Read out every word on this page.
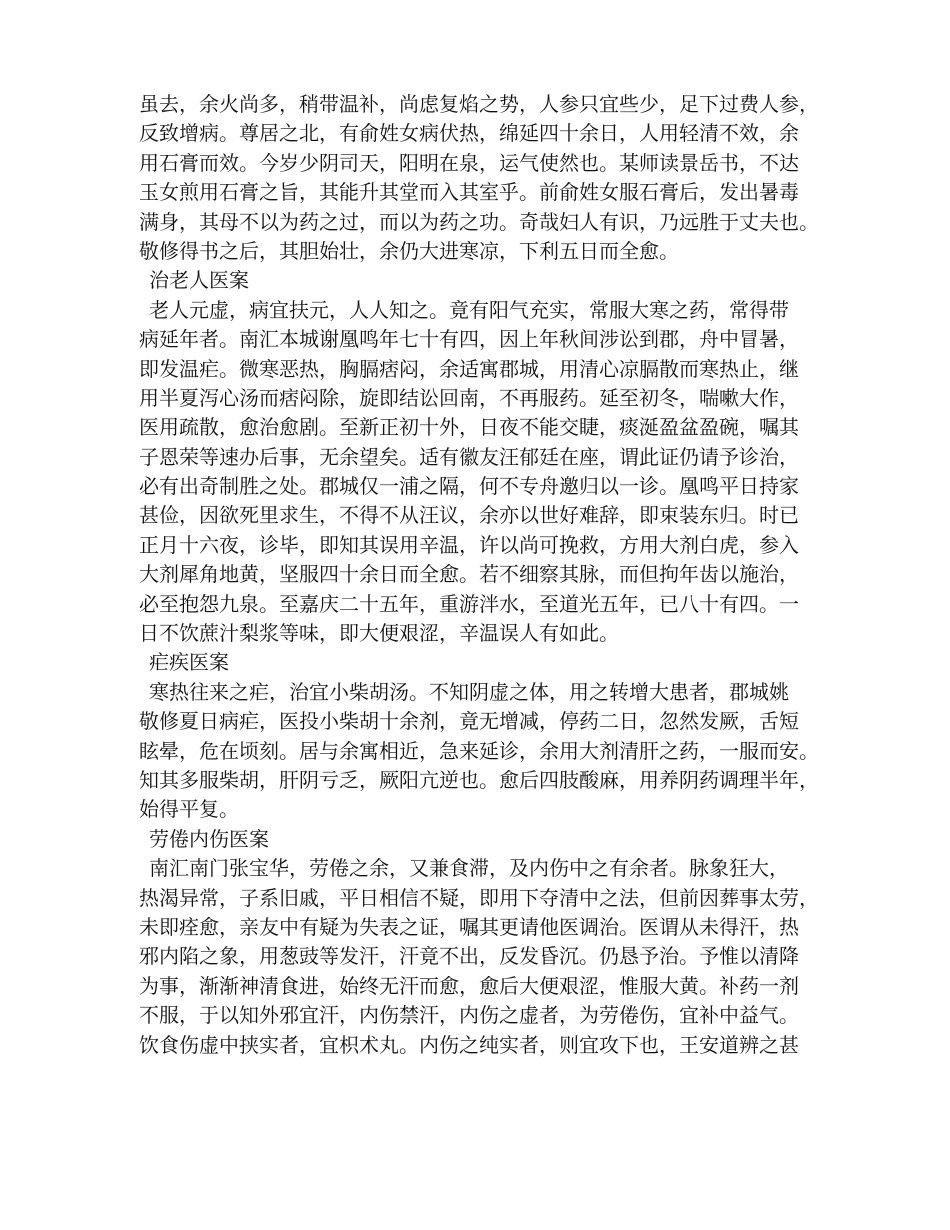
虽去，余火尚多，稍带温补，尚虑复焰之势，人参只宜些少，足下过费人参，
反致增病。尊居之北，有俞姓女病伏热，绵延四十余日，人用轻清不效，余
用石膏而效。今岁少阴司天，阳明在泉，运气使然也。某师读景岳书，不达
玉女煎用石膏之旨，其能升其堂而入其室乎。前俞姓女服石膏后，发出暑毒
满身，其母不以为药之过，而以为药之功。奇哉妇人有识，乃远胜于丈夫也。
敬修得书之后，其胆始壮，余仍大进寒凉，下利五日而全愈。
治老人医案
老人元虚，病宜扶元，人人知之。竟有阳气充实，常服大寒之药，常得带
病延年者。南汇本城谢凰鸣年七十有四，因上年秋间涉讼到郡，舟中冒暑，
即发温疟。微寒恶热，胸膈痞闷，余适寓郡城，用清心凉膈散而寒热止，继
用半夏泻心汤而痞闷除，旋即结讼回南，不再服药。延至初冬，喘嗽大作，
医用疏散，愈治愈剧。至新正初十外，日夜不能交睫，痰涎盈盆盈碗，嘱其
子恩荣等速办后事，无余望矣。适有徽友汪郁廷在座，谓此证仍请予诊治，
必有出奇制胜之处。郡城仅一浦之隔，何不专舟邀归以一诊。凰鸣平日持家
甚俭，因欲死里求生，不得不从汪议，余亦以世好难辞，即束装东归。时已
正月十六夜，诊毕，即知其误用辛温，许以尚可挽救，方用大剂白虎，参入
大剂犀角地黄，坚服四十余日而全愈。若不细察其脉，而但拘年齿以施治，
必至抱怨九泉。至嘉庆二十五年，重游泮水，至道光五年，已八十有四。一
日不饮蔗汁梨浆等味，即大便艰涩，辛温误人有如此。
疟疾医案
寒热往来之疟，治宜小柴胡汤。不知阴虚之体，用之转增大患者，郡城姚
敬修夏日病疟，医投小柴胡十余剂，竟无增减，停药二日，忽然发厥，舌短
眩晕，危在顷刻。居与余寓相近，急来延诊，余用大剂清肝之药，一服而安。
知其多服柴胡，肝阴亏乏，厥阳亢逆也。愈后四肢酸麻，用养阴药调理半年，
始得平复。
劳倦内伤医案
南汇南门张宝华，劳倦之余，又兼食滞，及内伤中之有余者。脉象狂大，
热渴异常，子系旧戚，平日相信不疑，即用下夺清中之法，但前因葬事太劳，
未即痊愈，亲友中有疑为失表之证，嘱其更请他医调治。医谓从未得汗，热
邪内陷之象，用葱豉等发汗，汗竟不出，反发昏沉。仍恳予治。予惟以清降
为事，渐渐神清食进，始终无汗而愈，愈后大便艰涩，惟服大黄。补药一剂
不服，于以知外邪宜汗，内伤禁汗，内伤之虚者，为劳倦伤，宜补中益气。
饮食伤虚中挟实者，宜枳术丸。内伤之纯实者，则宜攻下也，王安道辨之甚
